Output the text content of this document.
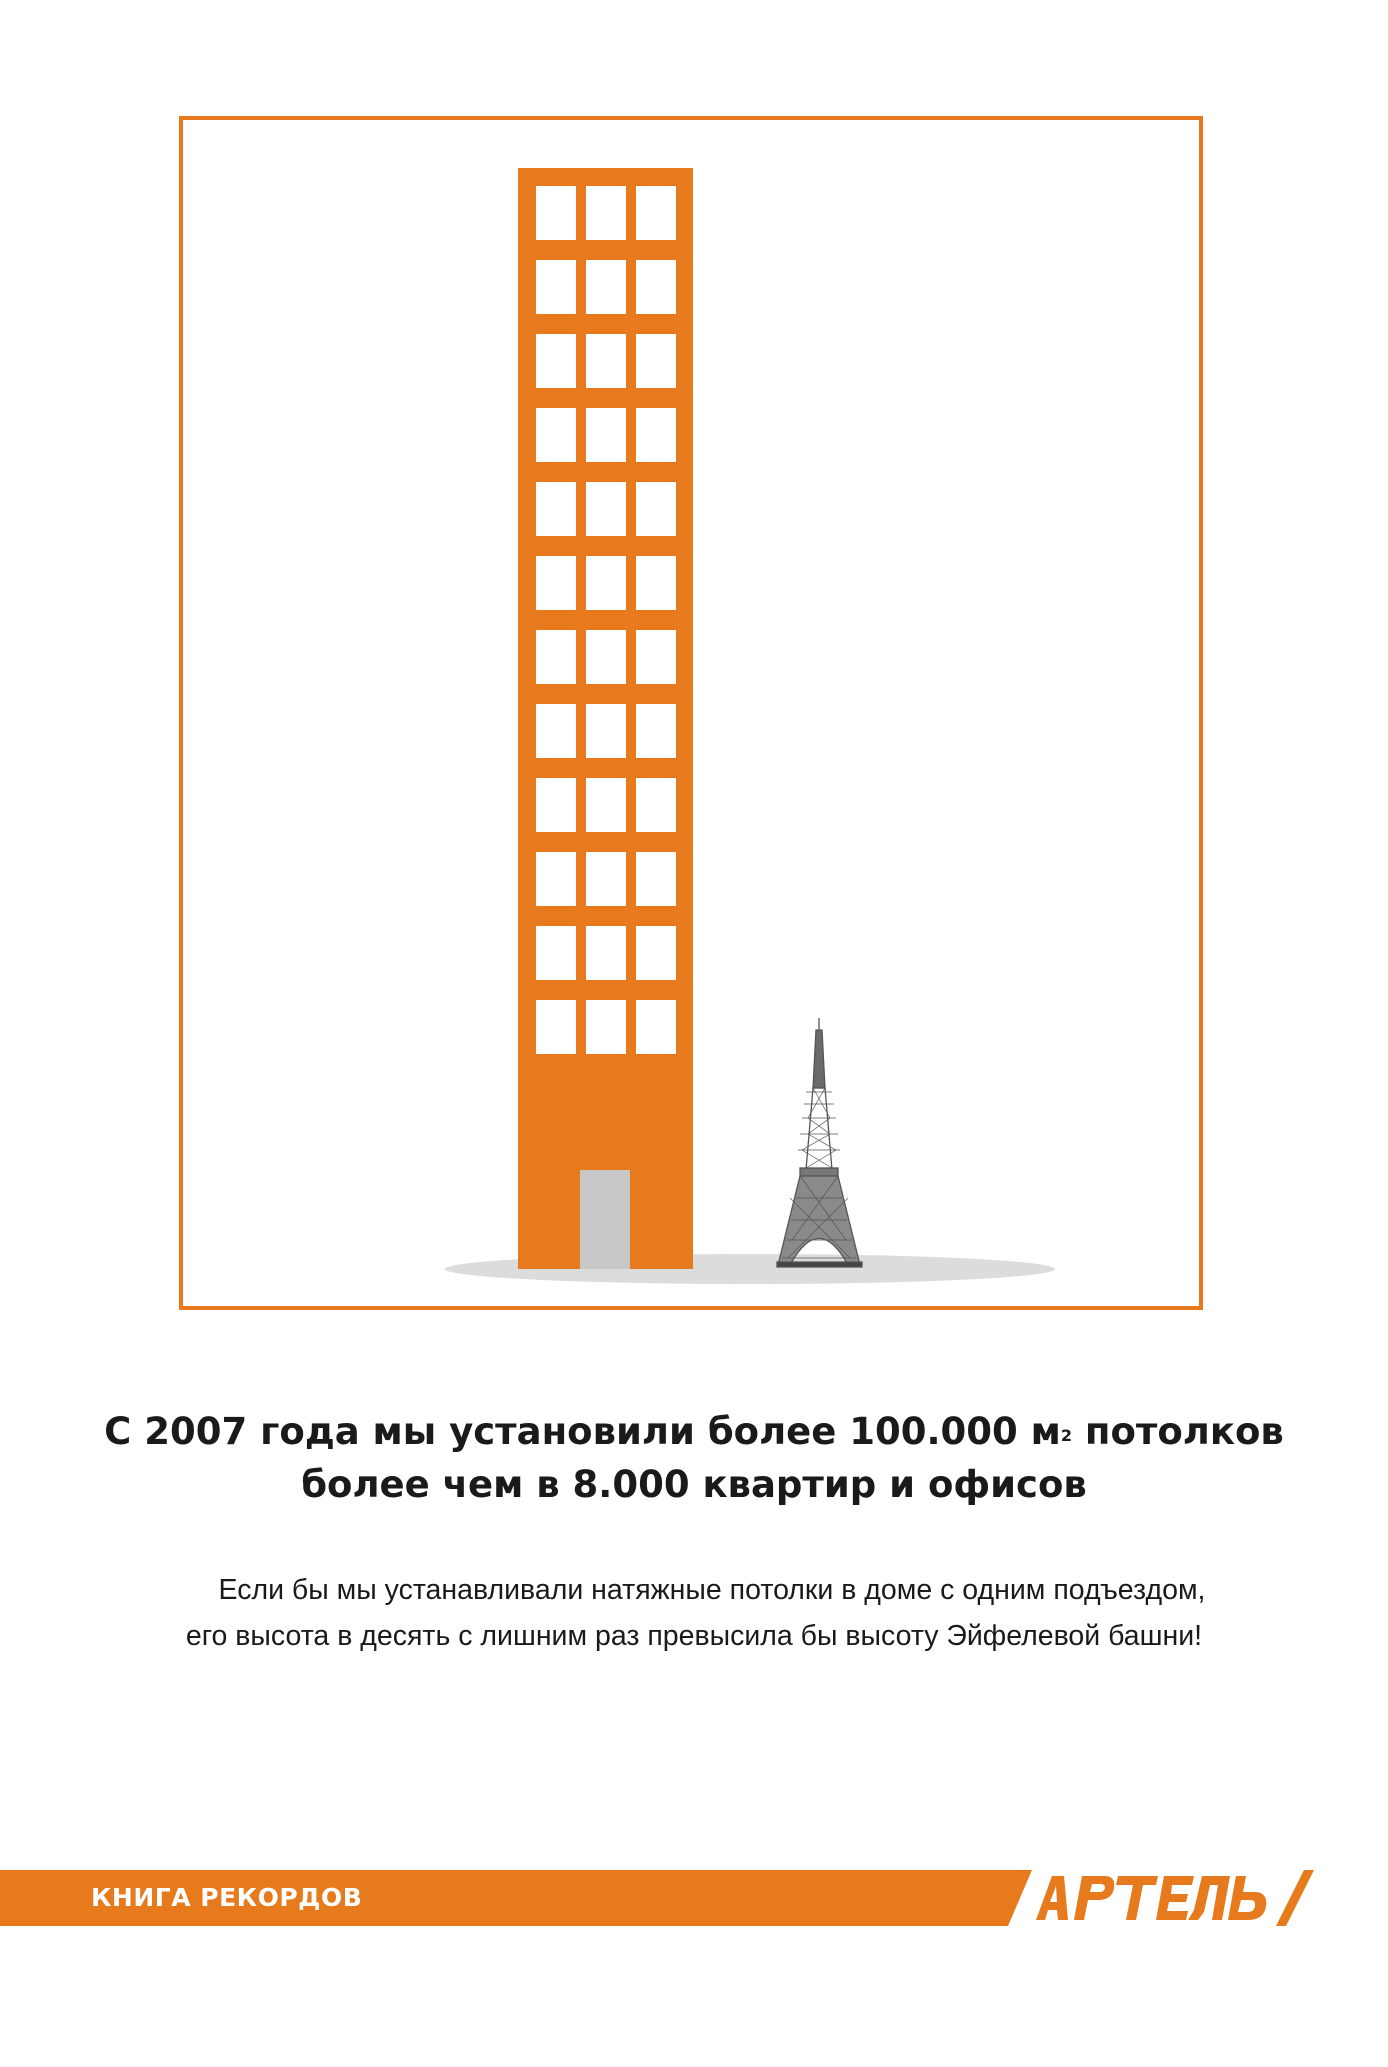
С 2007 года мы установили более 100.000 $м^2$ потолков
более чем в 8.000 квартир и офисов
Если бы мы устанавливали натяжные потолки в доме с одним подъездом,
его высота в десять с лишним раз превысила бы высоту Эйфелевой башни!
КНИГА РЕКОРДОВ
АРТЕЛЬ
